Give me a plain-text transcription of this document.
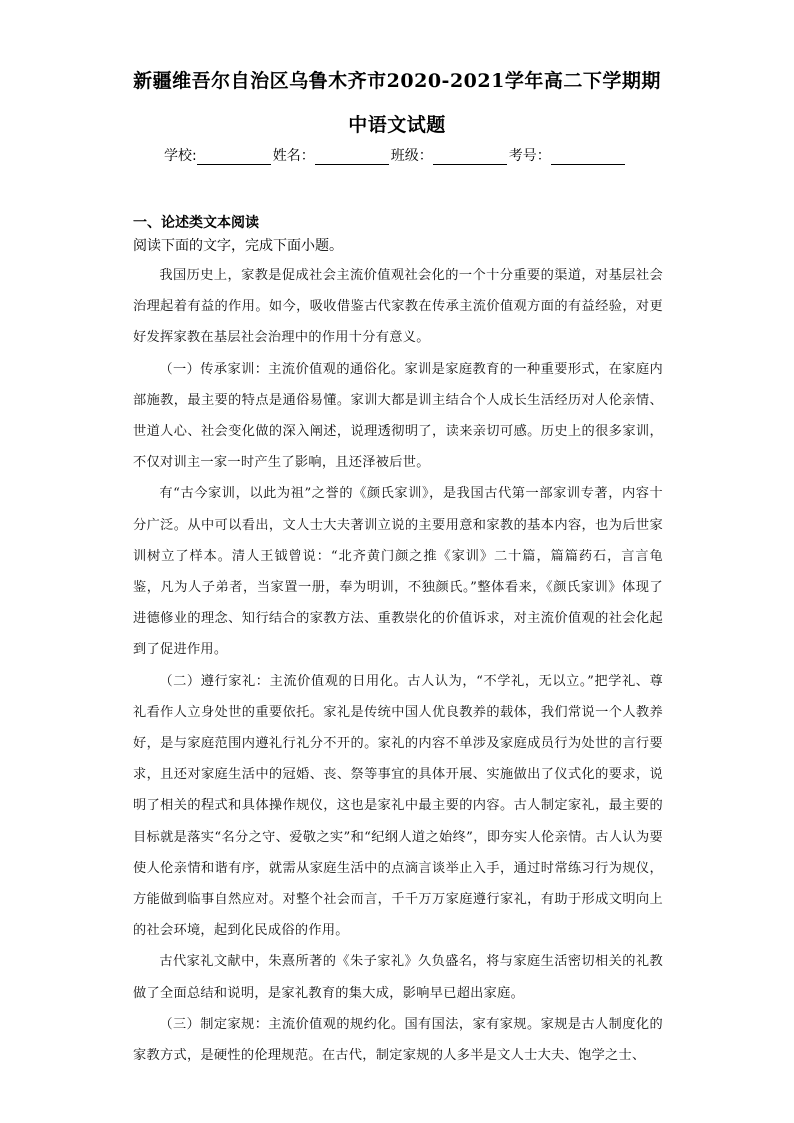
新疆维吾尔自治区乌鲁木齐市2020-2021学年高二下学期期
中语文试题
学校:	姓名：	班级：	考号：
一、论述类文本阅读
阅读下面的文字，完成下面小题。

我国历史上，家教是促成社会主流价值观社会化的一个十分重要的渠道，对基层社会治理起着有益的作用。如今，吸收借鉴古代家教在传承主流价值观方面的有益经验，对更好发挥家教在基层社会治理中的作用十分有意义。

（一）传承家训：主流价值观的通俗化。家训是家庭教育的一种重要形式，在家庭内部施教，最主要的特点是通俗易懂。家训大都是训主结合个人成长生活经历对人伦亲情、世道人心、社会变化做的深入阐述，说理透彻明了，读来亲切可感。历史上的很多家训，不仅对训主一家一时产生了影响，且还泽被后世。

有“古今家训，以此为祖”之誉的《颜氏家训》，是我国古代第一部家训专著，内容十分广泛。从中可以看出，文人士大夫著训立说的主要用意和家教的基本内容，也为后世家训树立了样本。清人王钺曾说：“北齐黄门颜之推《家训》二十篇，篇篇药石，言言龟鉴，凡为人子弟者，当家置一册，奉为明训，不独颜氏。”整体看来，《颜氏家训》体现了进德修业的理念、知行结合的家教方法、重教崇化的价值诉求，对主流价值观的社会化起到了促进作用。

（二）遵行家礼：主流价值观的日用化。古人认为，“不学礼，无以立。”把学礼、尊礼看作人立身处世的重要依托。家礼是传统中国人优良教养的载体，我们常说一个人教养好，是与家庭范围内遵礼行礼分不开的。家礼的内容不单涉及家庭成员行为处世的言行要求，且还对家庭生活中的冠婚、丧、祭等事宜的具体开展、实施做出了仪式化的要求，说明了相关的程式和具体操作规仪，这也是家礼中最主要的内容。古人制定家礼，最主要的目标就是落实“名分之守、爱敬之实”和“纪纲人道之始终”，即夯实人伦亲情。古人认为要使人伦亲情和谐有序，就需从家庭生活中的点滴言谈举止入手，通过时常练习行为规仪，方能做到临事自然应对。对整个社会而言，千千万万家庭遵行家礼，有助于形成文明向上的社会环境，起到化民成俗的作用。

古代家礼文献中，朱熹所著的《朱子家礼》久负盛名，将与家庭生活密切相关的礼教做了全面总结和说明，是家礼教育的集大成，影响早已超出家庭。

（三）制定家规：主流价值观的规约化。国有国法，家有家规。家规是古人制度化的家教方式，是硬性的伦理规范。在古代，制定家规的人多半是文人士大夫、饱学之士、
